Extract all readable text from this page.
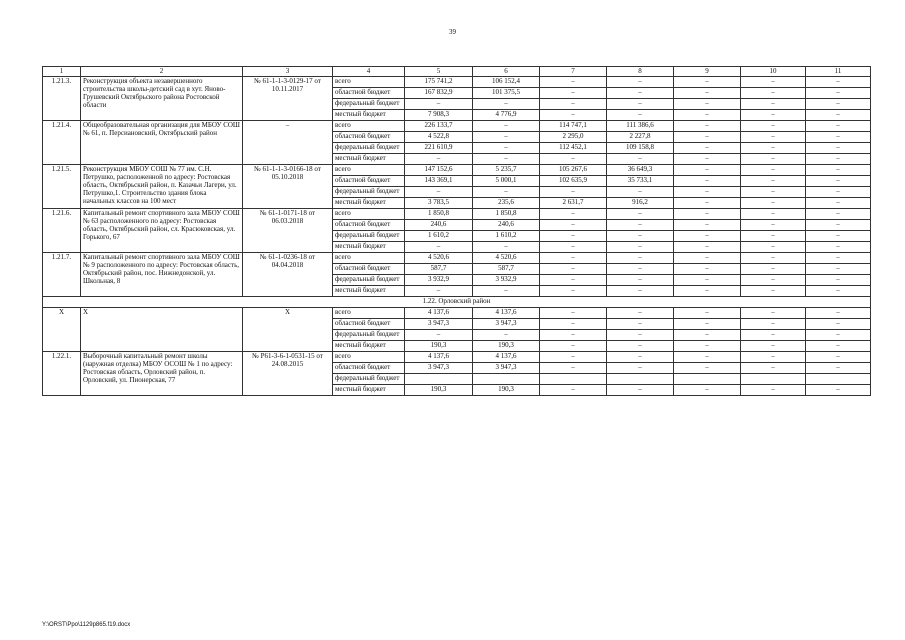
39
1	2	3	4	5	6	7	8	9	10	11
1.21.3.	Реконструкция объекта незавершенного строительства школы-детский сад в хут. Яново-Грушевский Октябрьского района Ростовской области	№ 61-1-1-3-0129-17 от 10.11.2017	всего	175 741,2	106 152,4	–	–	–	–	–
			областной бюджет	167 832,9	101 375,5	–	–	–	–	–
			федеральный бюджет	–	–	–	–	–	–	–
			местный бюджет	7 908,3	4 776,9	–	–	–	–	–
1.21.4.	Общеобразовательная организация для МБОУ СОШ № 61, п. Персиановский, Октябрьский район	–	всего	226 133,7	–	114 747,1	111 386,6	–	–	–
			областной бюджет	4 522,8	–	2 295,0	2 227,8	–	–	–
			федеральный бюджет	221 610,9	–	112 452,1	109 158,8	–	–	–
			местный бюджет	–	–	–	–	–	–	–
1.21.5.	Реконструкция МБОУ СОШ № 77 им. С.Н. Петрушко, расположенной по адресу: Ростовская область, Октябрьский район, п. Казачьи Лагери, ул. Петрушко,1. Строительство здания блока начальных классов на 100 мест	№ 61-1-1-3-0166-18 от 05.10.2018	всего	147 152,6	5 235,7	105 267,6	36 649,3	–	–	–
			областной бюджет	143 369,1	5 000,1	102 635,9	35 733,1	–	–	–
			федеральный бюджет	–	–	–	–	–	–	–
			местный бюджет	3 783,5	235,6	2 631,7	916,2	–	–	–
1.21.6.	Капитальный ремонт спортивного зала МБОУ СОШ № 63 расположенного по адресу: Ростовская область, Октябрьский район, сл. Красюковская, ул. Горького, 67	№ 61-1-0171-18 от 06.03.2018	всего	1 850,8	1 850,8	–	–	–	–	–
			областной бюджет	240,6	240,6	–	–	–	–	–
			федеральный бюджет	1 610,2	1 610,2	–	–	–	–	–
			местный бюджет	–	–	–	–	–	–	–
1.21.7.	Капитальный ремонт спортивного зала МБОУ СОШ № 9 расположенного по адресу: Ростовская область, Октябрьский район, пос. Нижнедонской, ул. Школьная, 8	№ 61-1-0236-18 от 04.04.2018	всего	4 520,6	4 520,6	–	–	–	–	–
			областной бюджет	587,7	587,7	–	–	–	–	–
			федеральный бюджет	3 932,9	3 932,9	–	–	–	–	–
			местный бюджет	–	–	–	–	–	–	–
1.22. Орловский район										
X	X	X	всего	4 137,6	4 137,6	–	–	–	–	–
			областной бюджет	3 947,3	3 947,3	–	–	–	–	–
			федеральный бюджет	–	–	–	–	–	–	–
			местный бюджет	190,3	190,3	–	–	–	–	–
1.22.1.	Выборочный капитальный ремонт школы (наружная отделка) МБОУ ОСОШ № 1 по адресу: Ростовская область, Орловский район, п. Орловский, ул. Пионерская, 77	№ Р61-3-6-1-0531-15 от 24.08.2015	всего	4 137,6	4 137,6	–	–	–	–	–
			областной бюджет	3 947,3	3 947,3	–	–	–	–	–
			федеральный бюджет							
			местный бюджет	190,3	190,3	–	–	–	–	–
Y:\ORST\Ppo\1129p865.f19.docx
